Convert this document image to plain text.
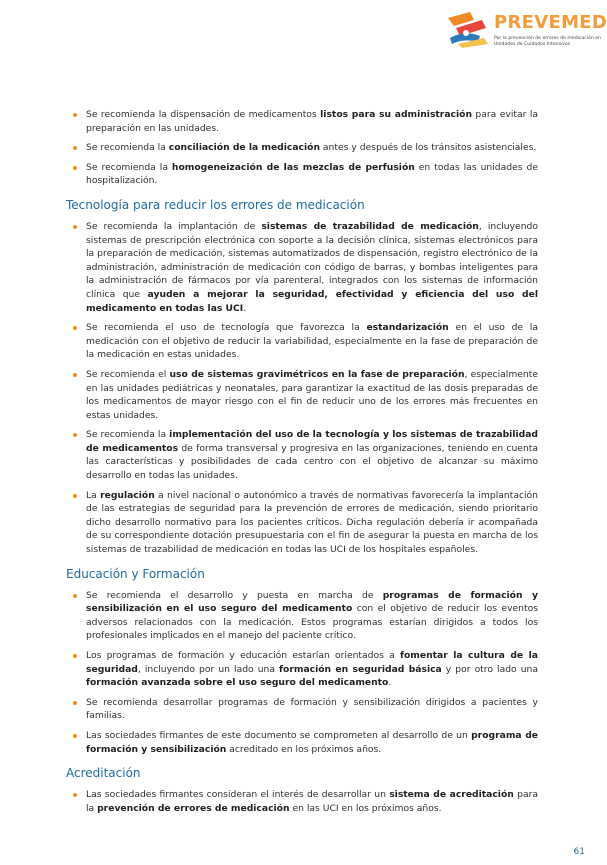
PREVEMED
Por la prevención de errores de medicación en Unidades de Cuidados Intensivos
Se recomienda la dispensación de medicamentos listos para su administración para evitar la preparación en las unidades.
Se recomienda la conciliación de la medicación antes y después de los tránsitos asistenciales.
Se recomienda la homogeneización de las mezclas de perfusión en todas las unidades de hospitalización.
Tecnología para reducir los errores de medicación
Se recomienda la implantación de sistemas de trazabilidad de medicación, incluyendo sistemas de prescripción electrónica con soporte a la decisión clínica, sistemas electrónicos para la preparación de medicación, sistemas automatizados de dispensación, registro electrónico de la administración, administración de medicación con código de barras, y bombas inteligentes para la administración de fármacos por vía parenteral, integrados con los sistemas de información clínica que ayuden a mejorar la seguridad, efectividad y eficiencia del uso del medicamento en todas las UCI.
Se recomienda el uso de tecnología que favorezca la estandarización en el uso de la medicación con el objetivo de reducir la variabilidad, especialmente en la fase de preparación de la medicación en estas unidades.
Se recomienda el uso de sistemas gravimétricos en la fase de preparación, especialmente en las unidades pediátricas y neonatales, para garantizar la exactitud de las dosis preparadas de los medicamentos de mayor riesgo con el fin de reducir uno de los errores más frecuentes en estas unidades.
Se recomienda la implementación del uso de la tecnología y los sistemas de trazabilidad de medicamentos de forma transversal y progresiva en las organizaciones, teniendo en cuenta las características y posibilidades de cada centro con el objetivo de alcanzar su máximo desarrollo en todas las unidades.
La regulación a nivel nacional o autonómico a través de normativas favorecería la implantación de las estrategias de seguridad para la prevención de errores de medicación, siendo prioritario dicho desarrollo normativo para los pacientes críticos. Dicha regulación debería ir acompañada de su correspondiente dotación presupuestaria con el fin de asegurar la puesta en marcha de los sistemas de trazabilidad de medicación en todas las UCI de los hospitales españoles.
Educación y Formación
Se recomienda el desarrollo y puesta en marcha de programas de formación y sensibilización en el uso seguro del medicamento con el objetivo de reducir los eventos adversos relacionados con la medicación. Estos programas estarían dirigidos a todos los profesionales implicados en el manejo del paciente crítico.
Los programas de formación y educación estarían orientados a fomentar la cultura de la seguridad, incluyendo por un lado una formación en seguridad básica y por otro lado una formación avanzada sobre el uso seguro del medicamento.
Se recomienda desarrollar programas de formación y sensibilización dirigidos a pacientes y familias.
Las sociedades firmantes de este documento se comprometen al desarrollo de un programa de formación y sensibilización acreditado en los próximos años.
Acreditación
Las sociedades firmantes consideran el interés de desarrollar un sistema de acreditación para la prevención de errores de medicación en las UCI en los próximos años.
61
